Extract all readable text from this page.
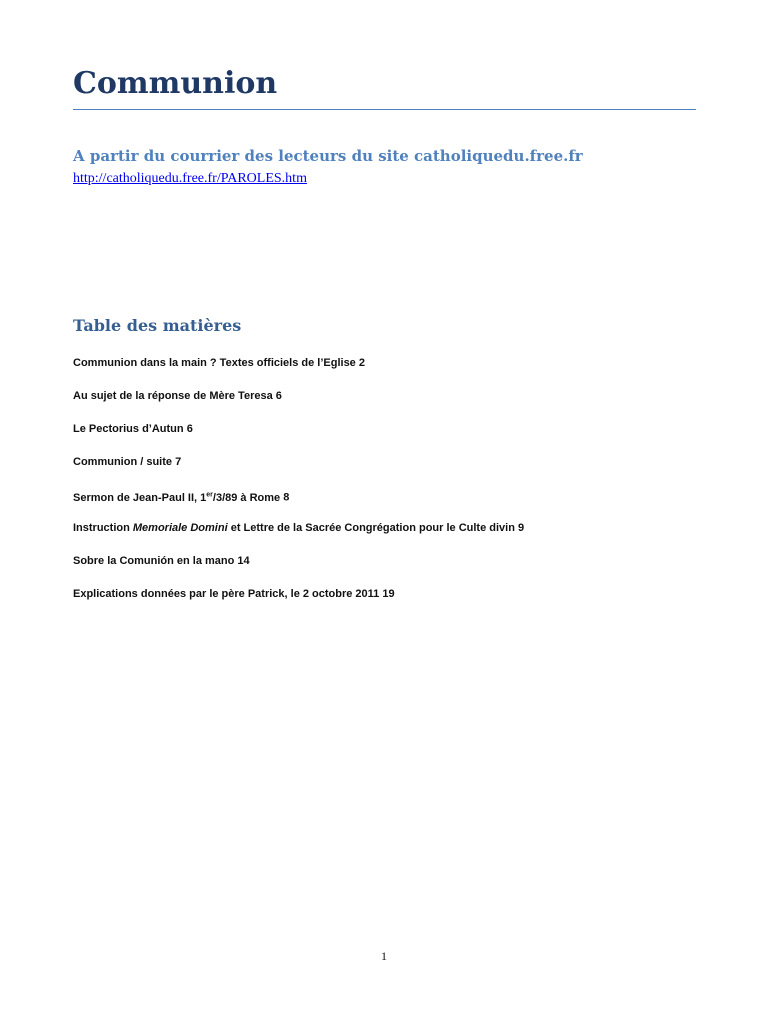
Communion
A partir du courrier des lecteurs du site catholiquedu.free.fr
http://catholiquedu.free.fr/PAROLES.htm
Table des matières
Communion dans la main ? Textes officiels de l’Eglise 2
Au sujet de la réponse de Mère Teresa 6
Le Pectorius d’Autun 6
Communion / suite 7
Sermon de Jean-Paul II, 1er/3/89 à Rome 8
Instruction Memoriale Domini et Lettre de la Sacrée Congrégation pour le Culte divin 9
Sobre la Comunión en la mano 14
Explications données par le père Patrick, le 2 octobre 2011 19
1
